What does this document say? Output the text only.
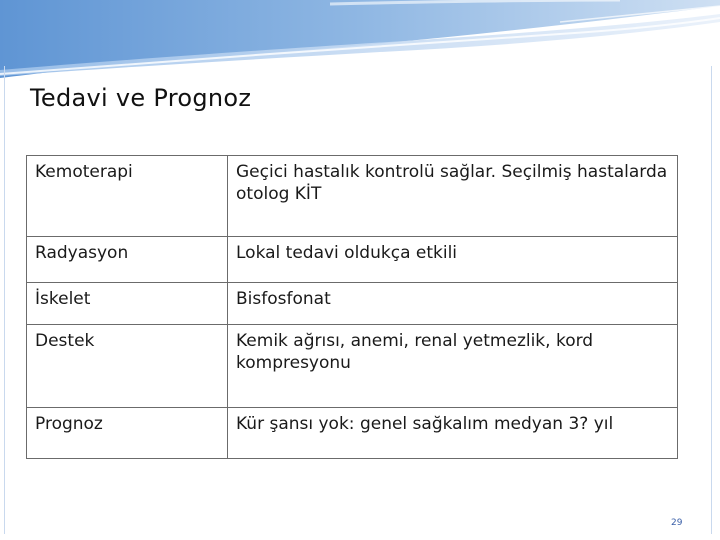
Tedavi ve Prognoz
Kemoterapi	Geçici hastalık kontrolü sağlar. Seçilmiş hastalarda otolog KİT
Radyasyon	Lokal tedavi oldukça etkili
İskelet	Bisfosfonat
Destek	Kemik ağrısı, anemi, renal yetmezlik, kord kompresyonu
Prognoz	Kür şansı yok: genel sağkalım medyan 3? yıl
29
